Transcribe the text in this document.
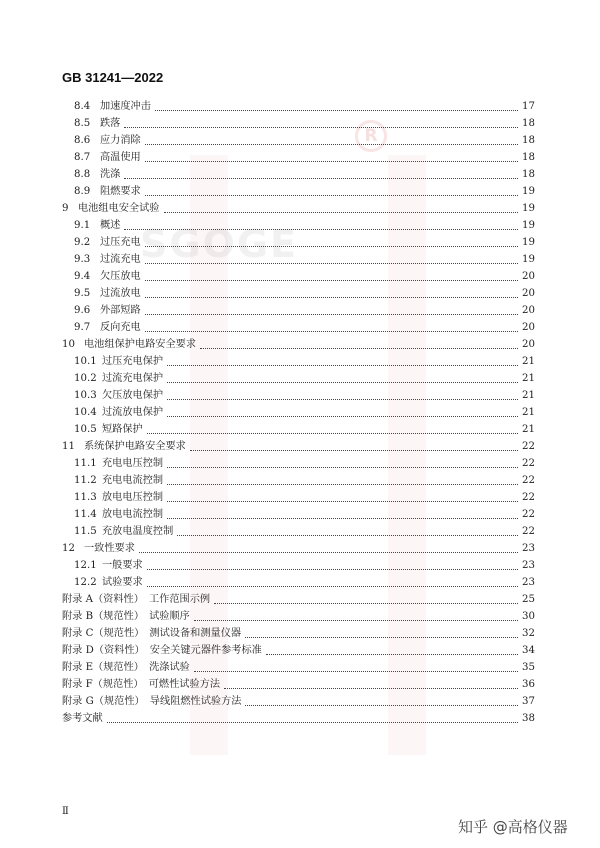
R
SGOGE
GB 31241—2022
8.4 加速度冲击	17
8.5 跌落	18
8.6 应力消除	18
8.7 高温使用	18
8.8 洗涤	18
8.9 阻燃要求	19
9 电池组电安全试验	19
9.1 概述	19
9.2 过压充电	19
9.3 过流充电	19
9.4 欠压放电	20
9.5 过流放电	20
9.6 外部短路	20
9.7 反向充电	20
10 电池组保护电路安全要求	20
10.1 过压充电保护	21
10.2 过流充电保护	21
10.3 欠压放电保护	21
10.4 过流放电保护	21
10.5 短路保护	21
11 系统保护电路安全要求	22
11.1 充电电压控制	22
11.2 充电电流控制	22
11.3 放电电压控制	22
11.4 放电电流控制	22
11.5 充放电温度控制	22
12 一致性要求	23
12.1 一般要求	23
12.2 试验要求	23
附录 A（资料性）　工作范围示例	25
附录 B（规范性）　试验顺序	30
附录 C（规范性）　测试设备和测量仪器	32
附录 D（资料性）　安全关键元器件参考标准	34
附录 E（规范性）　洗涤试验	35
附录 F（规范性）　可燃性试验方法	36
附录 G（规范性）　导线阻燃性试验方法	37
参考文献	38
Ⅱ
知乎 @高格仪器
